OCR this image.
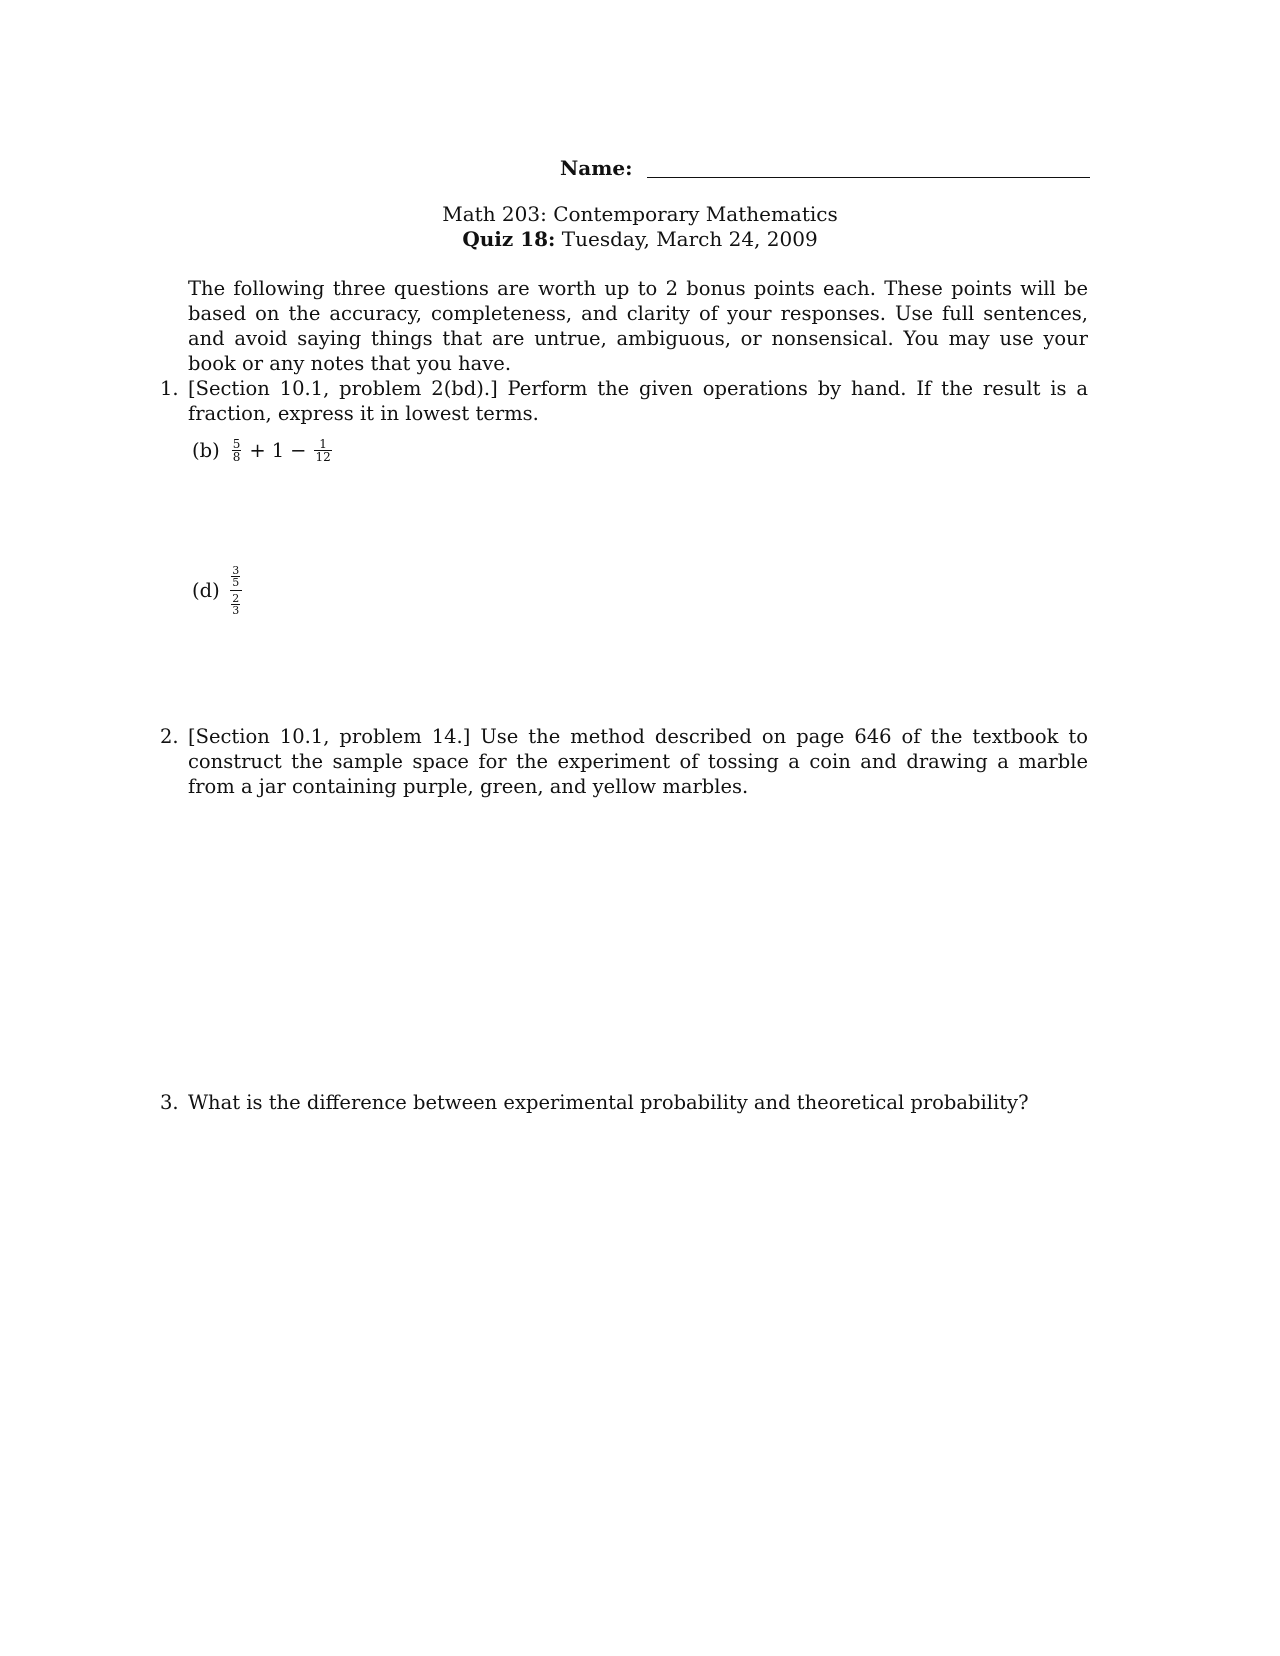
Name:
Math 203: Contemporary Mathematics
Quiz 18: Tuesday, March 24, 2009
The following three questions are worth up to 2 bonus points each. These points will be based on the accuracy, completeness, and clarity of your responses. Use full sentences, and avoid saying things that are untrue, ambiguous, or nonsensical. You may use your book or any notes that you have.
1. [Section 10.1, problem 2(bd).] Perform the given operations by hand. If the result is a fraction, express it in lowest terms.
$(b) \frac{5}{8} + 1 - \frac{1}{12}$
(d)
$\frac{3}{5}$
$\frac{2}{3}$
2. [Section 10.1, problem 14.] Use the method described on page 646 of the textbook to construct the sample space for the experiment of tossing a coin and drawing a marble from a jar containing purple, green, and yellow marbles.
3. What is the difference between experimental probability and theoretical probability?
